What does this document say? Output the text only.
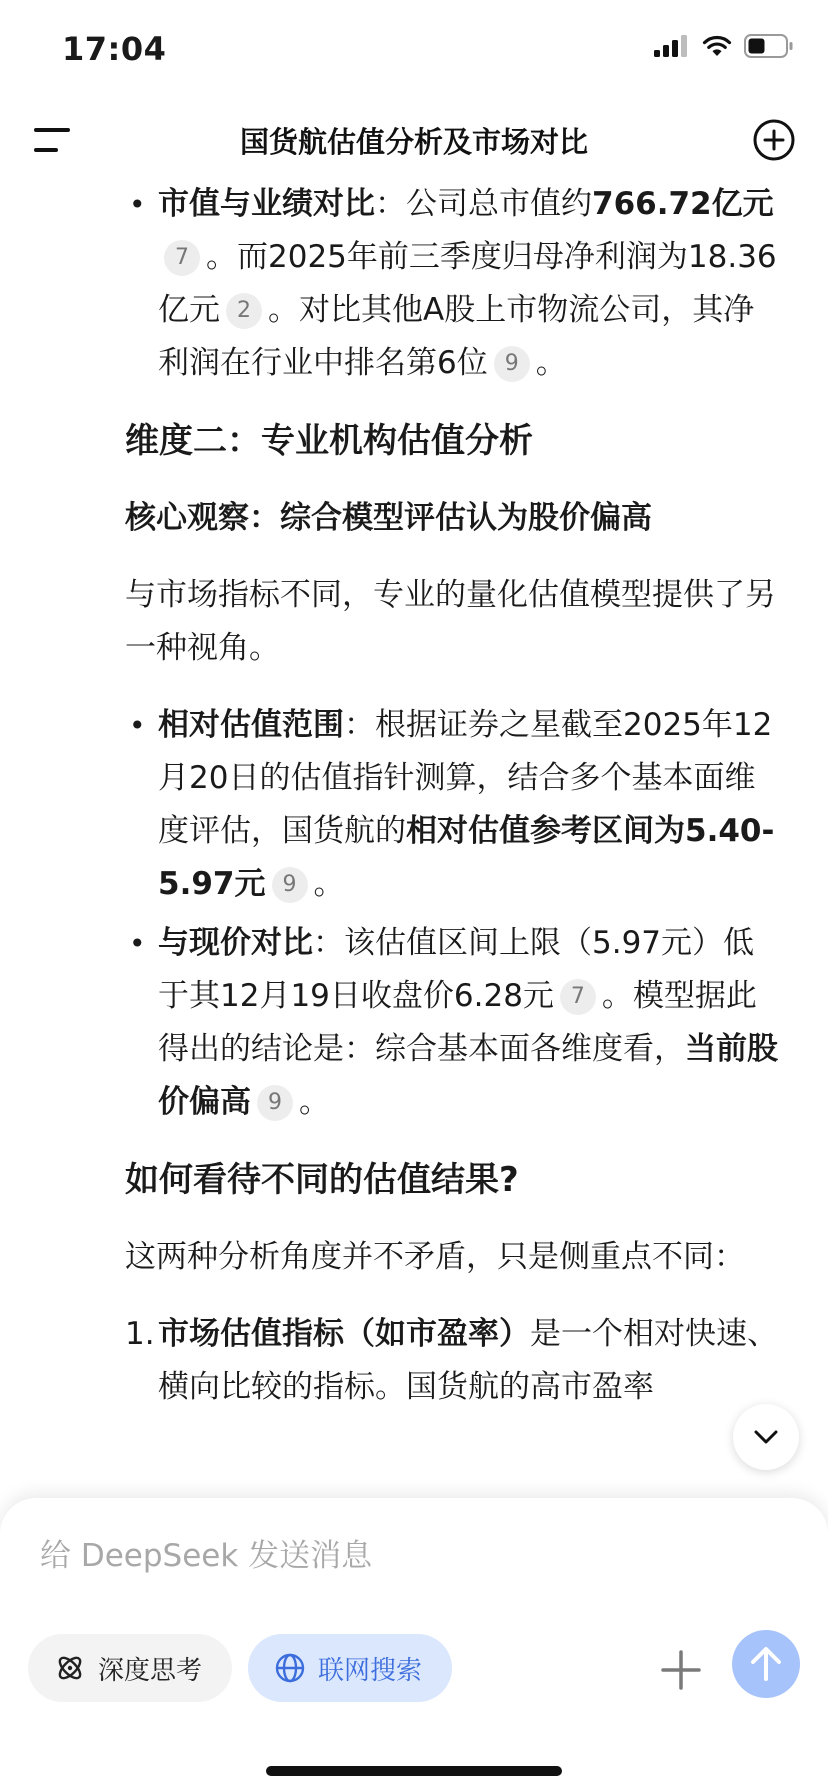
17:04
国货航估值分析及市场对比
• 市值与业绩对比：公司总市值约766.72亿元7 。而2025年前三季度归母净利润为18.36亿元 2 。对比其他A股上市物流公司，其净利润在行业中排名第6位 9 。
维度二：专业机构估值分析
核心观察：综合模型评估认为股价偏高
与市场指标不同，专业的量化估值模型提供了另一种视角。
• 相对估值范围：根据证券之星截至2025年12月20日的估值指针测算，结合多个基本面维度评估，国货航的相对估值参考区间为5.40-5.97元 9 。
• 与现价对比：该估值区间上限（5.97元）低于其12月19日收盘价6.28元 7 。模型据此得出的结论是：综合基本面各维度看，当前股价偏高 9 。
如何看待不同的估值结果?
这两种分析角度并不矛盾，只是侧重点不同：
1. 市场估值指标（如市盈率）是一个相对快速、横向比较的指标。国货航的高市盈率
给 DeepSeek 发送消息
深度思考	联网搜索
